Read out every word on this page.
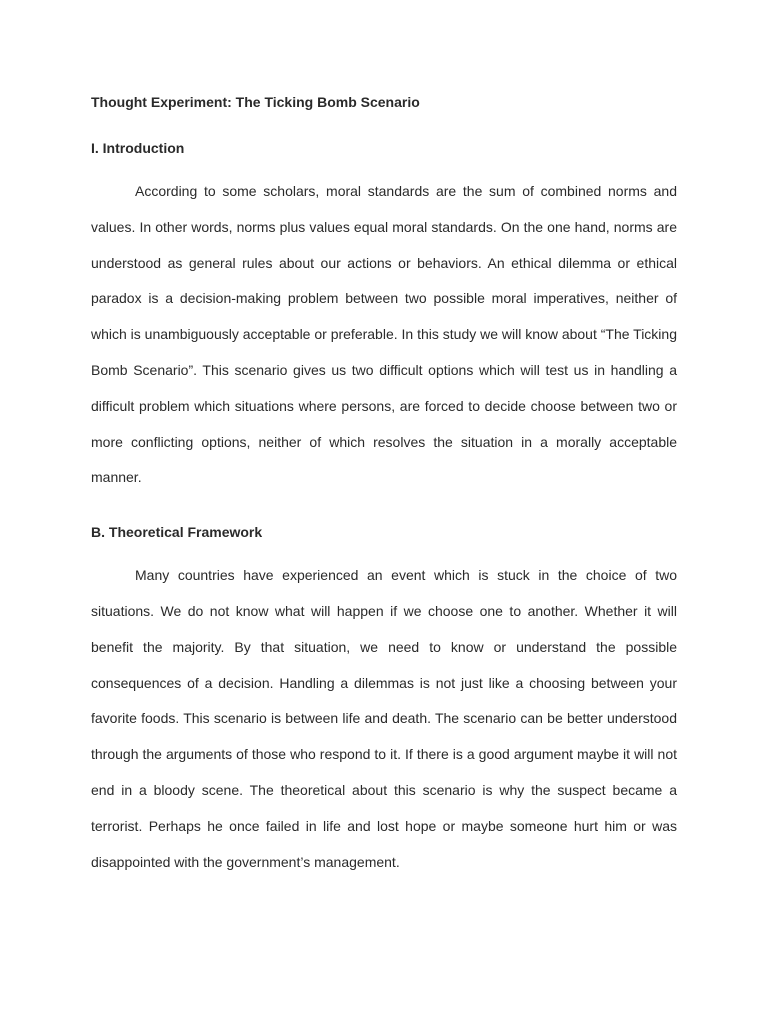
Thought Experiment: The Ticking Bomb Scenario
I. Introduction

According to some scholars, moral standards are the sum of combined norms and values. In other words, norms plus values equal moral standards. On the one hand, norms are understood as general rules about our actions or behaviors. An ethical dilemma or ethical paradox is a decision-making problem between two possible moral imperatives, neither of which is unambiguously acceptable or preferable. In this study we will know about “The Ticking Bomb Scenario”. This scenario gives us two difficult options which will test us in handling a difficult problem which situations where persons, are forced to decide choose between two or more conflicting options, neither of which resolves the situation in a morally acceptable manner.

B. Theoretical Framework

Many countries have experienced an event which is stuck in the choice of two situations. We do not know what will happen if we choose one to another. Whether it will benefit the majority. By that situation, we need to know or understand the possible consequences of a decision. Handling a dilemmas is not just like a choosing between your favorite foods. This scenario is between life and death. The scenario can be better understood through the arguments of those who respond to it. If there is a good argument maybe it will not end in a bloody scene. The theoretical about this scenario is why the suspect became a terrorist. Perhaps he once failed in life and lost hope or maybe someone hurt him or was disappointed with the government’s management.
